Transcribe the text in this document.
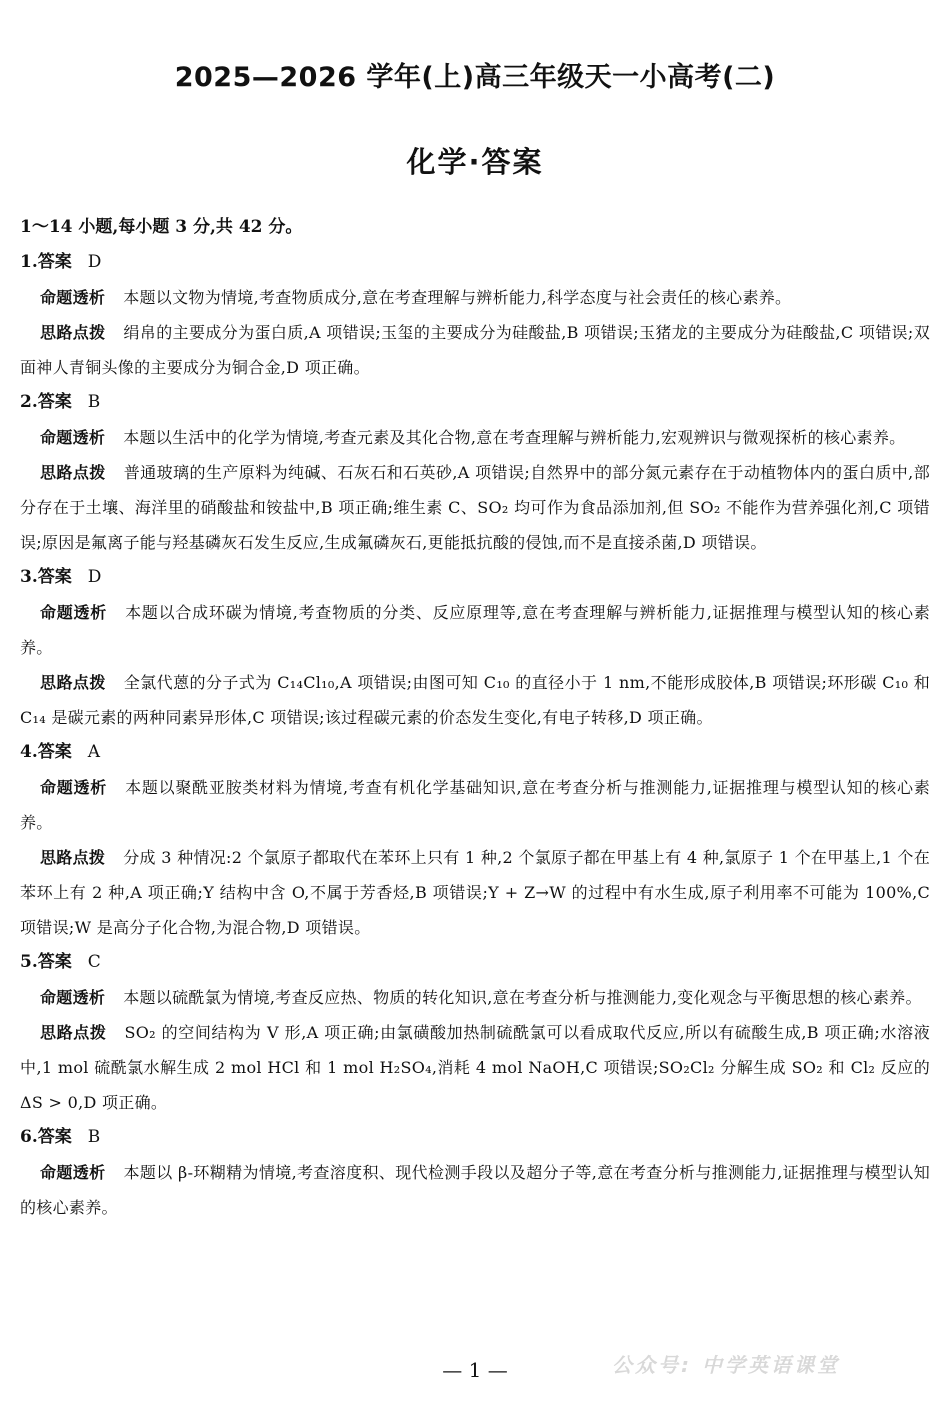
2025—2026 学年(上)高三年级天一小高考(二)
化学·答案
1～14 小题,每小题 3 分,共 42 分。
1.答案 D
命题透析 本题以文物为情境,考查物质成分,意在考查理解与辨析能力,科学态度与社会责任的核心素养。
思路点拨 绢帛的主要成分为蛋白质,A 项错误;玉玺的主要成分为硅酸盐,B 项错误;玉猪龙的主要成分为硅酸盐,C 项错误;双面神人青铜头像的主要成分为铜合金,D 项正确。
2.答案 B
命题透析 本题以生活中的化学为情境,考查元素及其化合物,意在考查理解与辨析能力,宏观辨识与微观探析的核心素养。
思路点拨 普通玻璃的生产原料为纯碱、石灰石和石英砂,A 项错误;自然界中的部分氮元素存在于动植物体内的蛋白质中,部分存在于土壤、海洋里的硝酸盐和铵盐中,B 项正确;维生素 C、SO₂ 均可作为食品添加剂,但 SO₂ 不能作为营养强化剂,C 项错误;原因是氟离子能与羟基磷灰石发生反应,生成氟磷灰石,更能抵抗酸的侵蚀,而不是直接杀菌,D 项错误。
3.答案 D
命题透析 本题以合成环碳为情境,考查物质的分类、反应原理等,意在考查理解与辨析能力,证据推理与模型认知的核心素养。
思路点拨 全氯代蒽的分子式为 C₁₄Cl₁₀,A 项错误;由图可知 C₁₀ 的直径小于 1 nm,不能形成胶体,B 项错误;环形碳 C₁₀ 和 C₁₄ 是碳元素的两种同素异形体,C 项错误;该过程碳元素的价态发生变化,有电子转移,D 项正确。
4.答案 A
命题透析 本题以聚酰亚胺类材料为情境,考查有机化学基础知识,意在考查分析与推测能力,证据推理与模型认知的核心素养。
思路点拨 分成 3 种情况:2 个氯原子都取代在苯环上只有 1 种,2 个氯原子都在甲基上有 4 种,氯原子 1 个在甲基上,1 个在苯环上有 2 种,A 项正确;Y 结构中含 O,不属于芳香烃,B 项错误;Y + Z→W 的过程中有水生成,原子利用率不可能为 100%,C 项错误;W 是高分子化合物,为混合物,D 项错误。
5.答案 C
命题透析 本题以硫酰氯为情境,考查反应热、物质的转化知识,意在考查分析与推测能力,变化观念与平衡思想的核心素养。
思路点拨 SO₂ 的空间结构为 V 形,A 项正确;由氯磺酸加热制硫酰氯可以看成取代反应,所以有硫酸生成,B 项正确;水溶液中,1 mol 硫酰氯水解生成 2 mol HCl 和 1 mol H₂SO₄,消耗 4 mol NaOH,C 项错误;SO₂Cl₂ 分解生成 SO₂ 和 Cl₂ 反应的 ΔS > 0,D 项正确。
6.答案 B
命题透析 本题以 β-环糊精为情境,考查溶度积、现代检测手段以及超分子等,意在考查分析与推测能力,证据推理与模型认知的核心素养。
公众号: 中学英语课堂
— 1 —
